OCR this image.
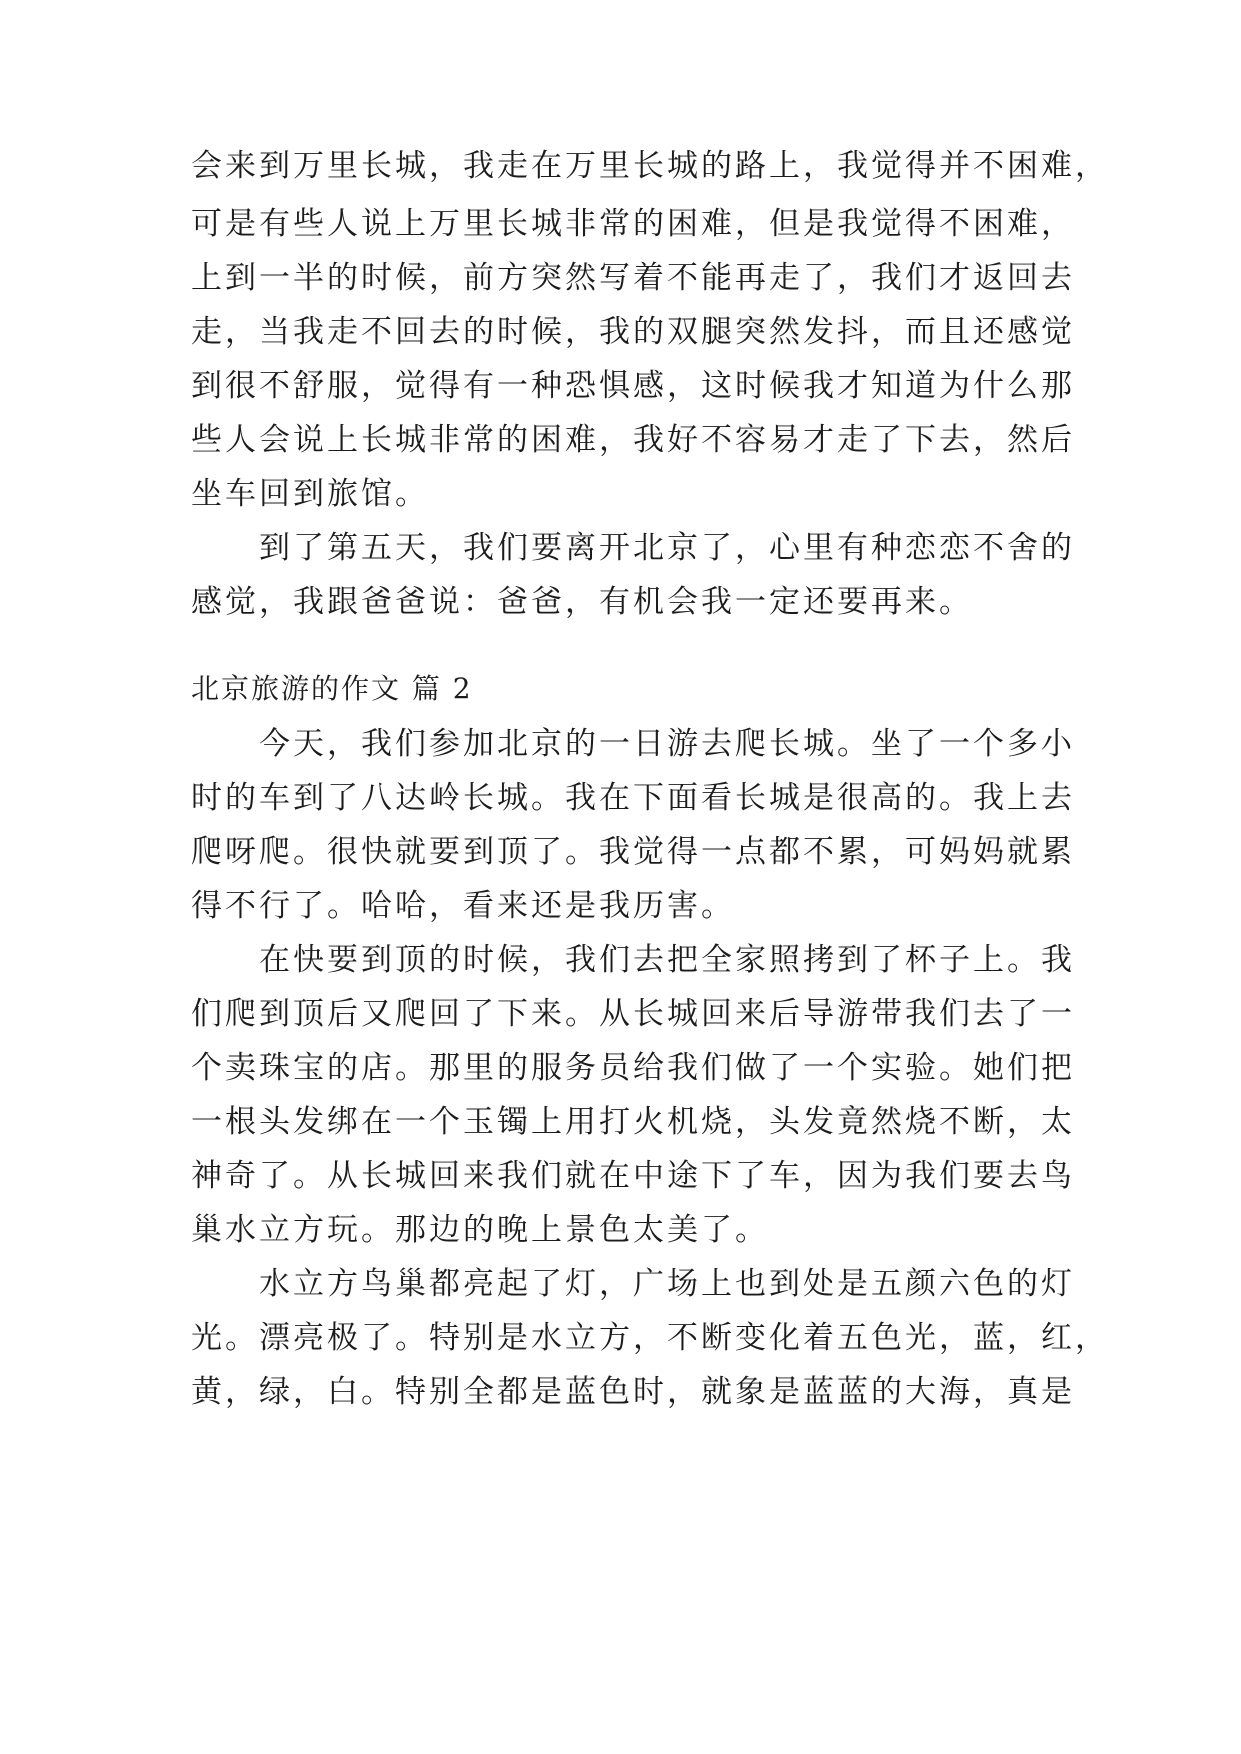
会来到万里长城，我走在万里长城的路上，我觉得并不困难，
可是有些人说上万里长城非常的困难，但是我觉得不困难，
上到一半的时候，前方突然写着不能再走了，我们才返回去
走，当我走不回去的时候，我的双腿突然发抖，而且还感觉
到很不舒服，觉得有一种恐惧感，这时候我才知道为什么那
些人会说上长城非常的困难，我好不容易才走了下去，然后
坐车回到旅馆。
　　到了第五天，我们要离开北京了，心里有种恋恋不舍的
感觉，我跟爸爸说：爸爸，有机会我一定还要再来。
北京旅游的作文 篇 2
　　今天，我们参加北京的一日游去爬长城。坐了一个多小
时的车到了八达岭长城。我在下面看长城是很高的。我上去
爬呀爬。很快就要到顶了。我觉得一点都不累，可妈妈就累
得不行了。哈哈，看来还是我历害。
　　在快要到顶的时候，我们去把全家照拷到了杯子上。我
们爬到顶后又爬回了下来。从长城回来后导游带我们去了一
个卖珠宝的店。那里的服务员给我们做了一个实验。她们把
一根头发绑在一个玉镯上用打火机烧，头发竟然烧不断，太
神奇了。从长城回来我们就在中途下了车，因为我们要去鸟
巢水立方玩。那边的晚上景色太美了。
　　水立方鸟巢都亮起了灯，广场上也到处是五颜六色的灯
光。漂亮极了。特别是水立方，不断变化着五色光，蓝，红，
黄，绿，白。特别全都是蓝色时，就象是蓝蓝的大海，真是
